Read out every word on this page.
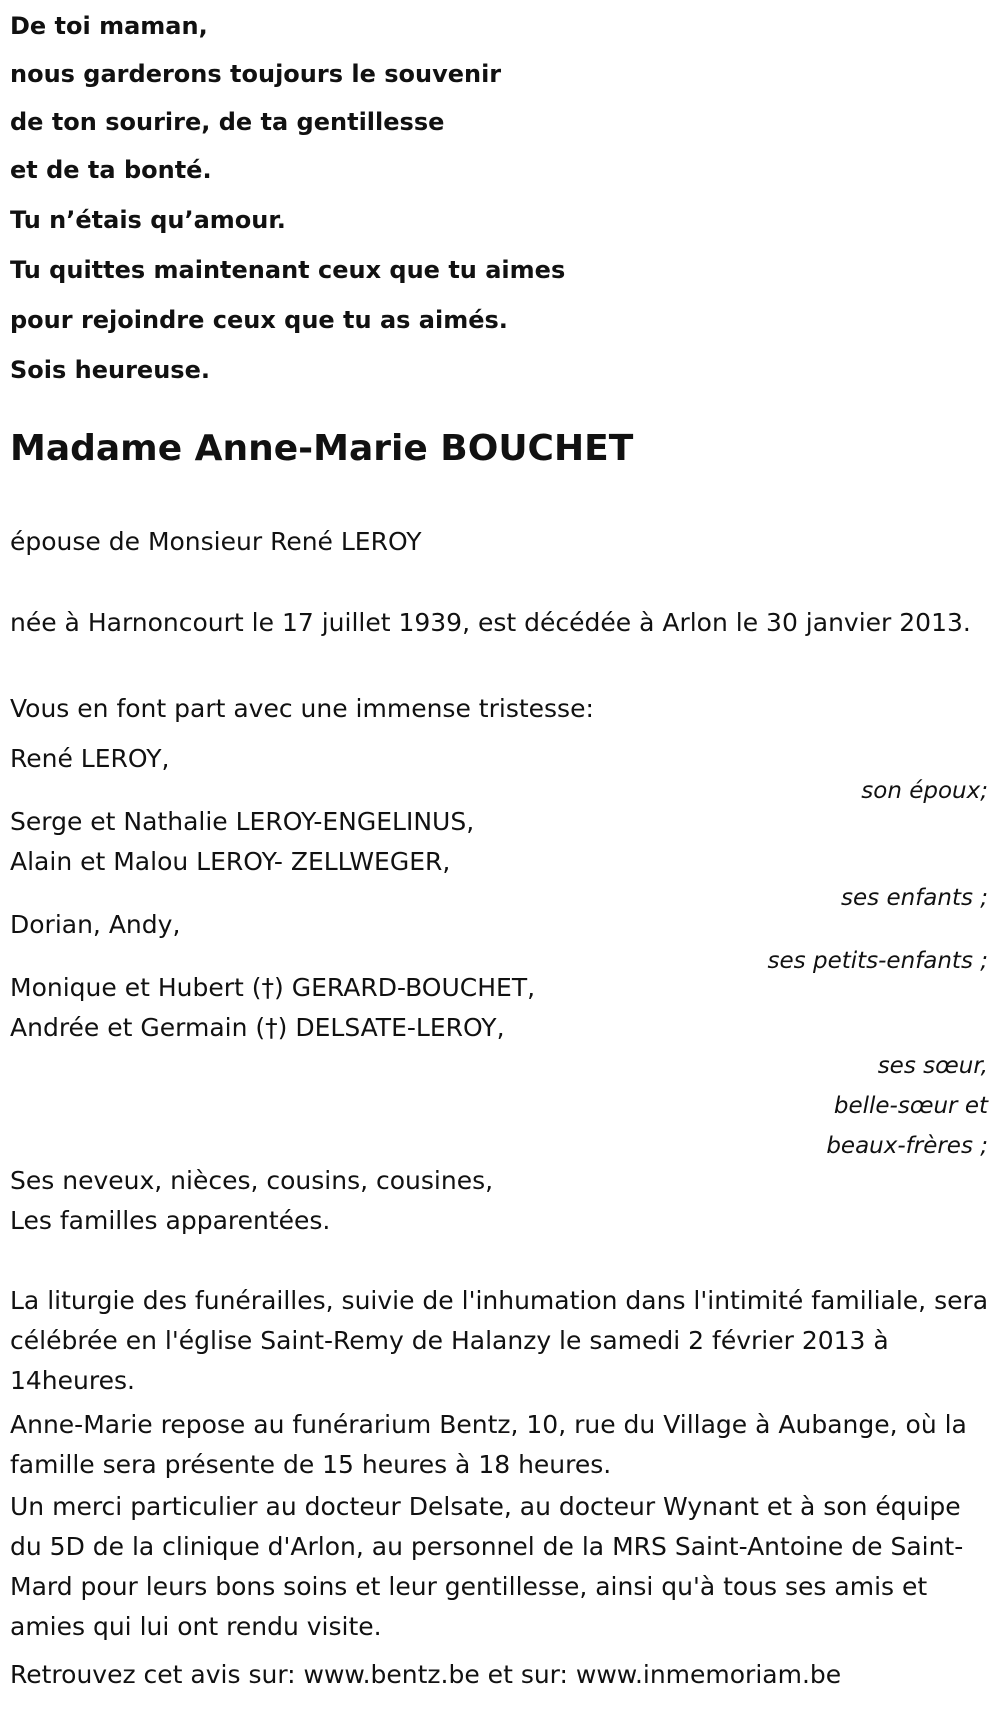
De toi maman,
nous garderons toujours le souvenir
de ton sourire, de ta gentillesse
et de ta bonté.
Tu n’étais qu’amour.
Tu quittes maintenant ceux que tu aimes
pour rejoindre ceux que tu as aimés.
Sois heureuse.
Madame Anne-Marie BOUCHET
épouse de Monsieur René LEROY
née à Harnoncourt le 17 juillet 1939, est décédée à Arlon le 30 janvier 2013.
Vous en font part avec une immense tristesse:
René LEROY,
son époux;
Serge et Nathalie LEROY-ENGELINUS,
Alain et Malou LEROY- ZELLWEGER,
ses enfants ;
Dorian, Andy,
ses petits-enfants ;
Monique et Hubert (†) GERARD-BOUCHET,
Andrée et Germain (†) DELSATE-LEROY,
ses sœur,
belle-sœur et
beaux-frères ;
Ses neveux, nièces, cousins, cousines,
Les familles apparentées.
La liturgie des funérailles, suivie de l'inhumation dans l'intimité familiale, sera célébrée en l'église Saint-Remy de Halanzy le samedi 2 février 2013 à 14heures.
Anne-Marie repose au funérarium Bentz, 10, rue du Village à Aubange, où la famille sera présente de 15 heures à 18 heures.
Un merci particulier au docteur Delsate, au docteur Wynant et à son équipe du 5D de la clinique d'Arlon, au personnel de la MRS Saint-Antoine de Saint-Mard pour leurs bons soins et leur gentillesse, ainsi qu'à tous ses amis et amies qui lui ont rendu visite.
Retrouvez cet avis sur: www.bentz.be et sur: www.inmemoriam.be
